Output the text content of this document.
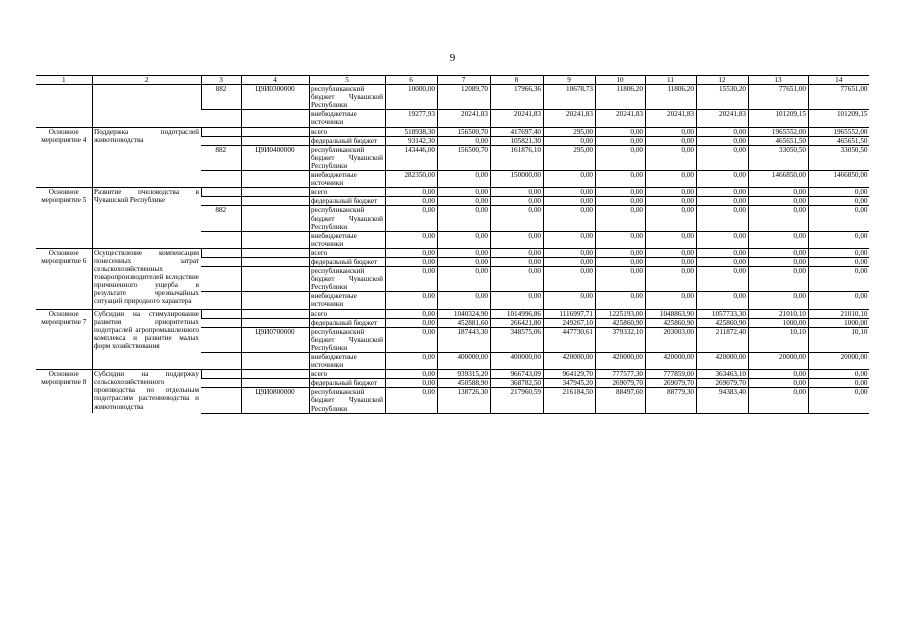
9
1	2	3	4	5	6	7	8	9	10	11	12	13	14
		882	Ц9И0300000	республиканский бюджет Чувашской Республики	10000,00	12089,70	17966,36	10678,73	11806,20	11806,20	15530,20	77651,00	77651,00
				внебюджетные источники	19277,93	20241,83	20241,83	20241,83	20241,83	20241,83	20241,83	101209,15	101209,15
Основное мероприятие 4	Поддержка подотраслей животноводства			всего	518938,30	156500,70	417697,40	295,00	0,00	0,00	0,00	1965552,00	1965552,00
				федеральный бюджет	93142,30	0,00	105821,30	0,00	0,00	0,00	0,00	465651,50	465651,50
		882	Ц9И0400000	республиканский бюджет Чувашской Республики	143446,00	156500,70	161876,10	295,00	0,00	0,00	0,00	33050,50	33050,50
				внебюджетные источники	282350,00	0,00	150000,00	0,00	0,00	0,00	0,00	1466850,00	1466850,00
Основное мероприятие 5	Развитие пчеловодства в Чувашской Республике			всего	0,00	0,00	0,00	0,00	0,00	0,00	0,00	0,00	0,00
				федеральный бюджет	0,00	0,00	0,00	0,00	0,00	0,00	0,00	0,00	0,00
		882		республиканский бюджет Чувашской Республики	0,00	0,00	0,00	0,00	0,00	0,00	0,00	0,00	0,00
				внебюджетные источники	0,00	0,00	0,00	0,00	0,00	0,00	0,00	0,00	0,00
Основное мероприятие 6	Осуществление компенсации понесенных затрат сельскохозяйственных товаропроизводителей вследствие причиненного ущерба в результате чрезвычайных ситуаций природного характера			всего	0,00	0,00	0,00	0,00	0,00	0,00	0,00	0,00	0,00
				федеральный бюджет	0,00	0,00	0,00	0,00	0,00	0,00	0,00	0,00	0,00
				республиканский бюджет Чувашской Республики	0,00	0,00	0,00	0,00	0,00	0,00	0,00	0,00	0,00
				внебюджетные источники	0,00	0,00	0,00	0,00	0,00	0,00	0,00	0,00	0,00
Основное мероприятие 7	Субсидии на стимулирование развития приоритетных подотраслей агропромышленного комплекса и развитие малых форм хозяйствования			всего	0,00	1040324,90	1014996,86	1116997,71	1225193,00	1048863,90	1057733,30	21010,10	21010,10
				федеральный бюджет	0,00	452881,60	266421,80	249267,10	425860,90	425860,90	425860,90	1000,00	1000,00
			Ц9И0700000	республиканский бюджет Чувашской Республики	0,00	187443,30	348575,06	447730,61	379332,10	203003,00	211872,40	10,10	10,10
				внебюджетные источники	0,00	400000,00	400000,00	420000,00	420000,00	420000,00	420000,00	20000,00	20000,00
Основное мероприятие 8	Субсидии на поддержку сельскохозяйственного производства по отдельным подотраслям растениеводства и животноводства			всего	0,00	939315,20	966743,09	964129,70	777577,30	777859,00	363463,10	0,00	0,00
				федеральный бюджет	0,00	450588,90	368782,50	347945,20	269079,70	269079,70	269079,70	0,00	0,00
			Ц9И0800000	республиканский бюджет Чувашской Республики	0,00	138726,30	217960,59	216184,50	88497,60	88779,30	94383,40	0,00	0,00
